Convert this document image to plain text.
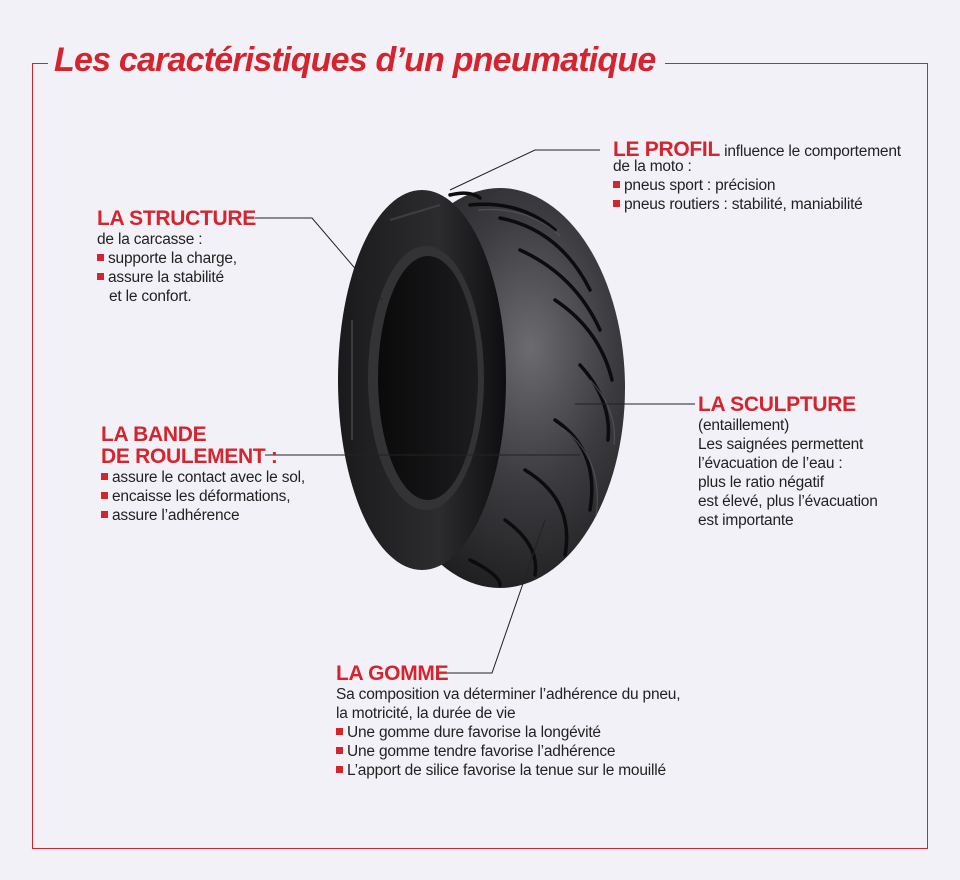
Les caractéristiques d’un pneumatique
LE PROFIL influence le comportement
de la moto :
pneus sport : précision
pneus routiers : stabilité, maniabilité
LA STRUCTURE
de la carcasse :
supporte la charge,
assure la stabilité
et le confort.
LA SCULPTURE
(entaillement)
Les saignées permettent
l’évacuation de l’eau :
plus le ratio négatif
est élevé, plus l’évacuation
est importante
LA BANDE
DE ROULEMENT :
assure le contact avec le sol,
encaisse les déformations,
assure l’adhérence
LA GOMME
Sa composition va déterminer l’adhérence du pneu,
la motricité, la durée de vie
Une gomme dure favorise la longévité
Une gomme tendre favorise l’adhérence
L’apport de silice favorise la tenue sur le mouillé
